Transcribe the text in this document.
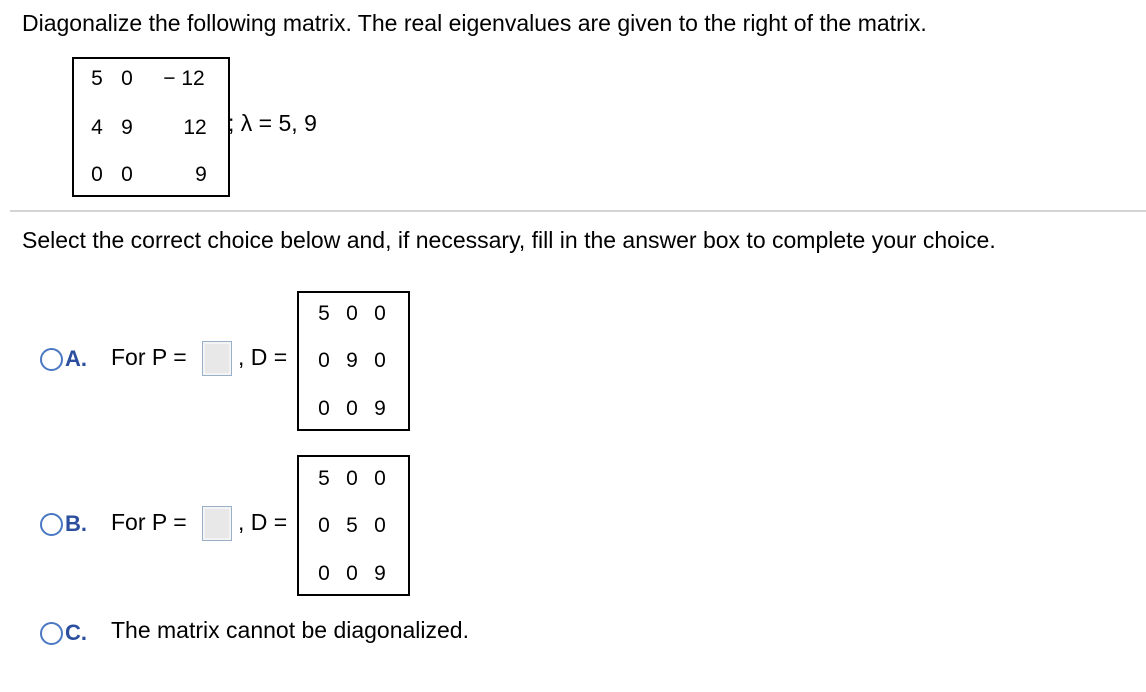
Diagonalize the following matrix. The real eigenvalues are given to the right of the matrix.
5 0	− 12
4 9 12
0 0	9
; λ = 5, 9
Select the correct choice below and, if necessary, fill in the answer box to complete your choice.
A. For P = , D =
5 0 0
0 9 0
0 0 9
B. For P = , D =
5 0 0
0 5 0
0 0 9
C. The matrix cannot be diagonalized.
